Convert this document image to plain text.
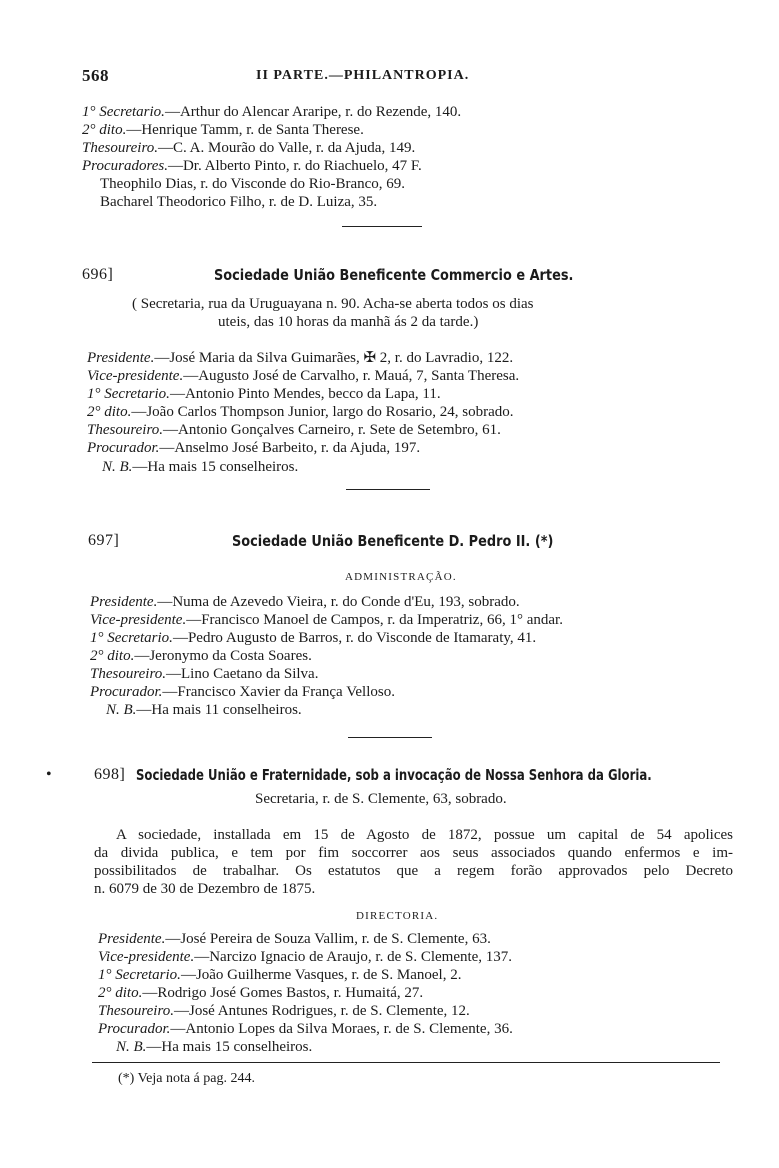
568	II PARTE.—PHILANTROPIA.
1° Secretario.—Arthur do Alencar Araripe, r. do Rezende, 140.
2° dito.—Henrique Tamm, r. de Santa Therese.
Thesoureiro.—C. A. Mourão do Valle, r. da Ajuda, 149.
Procuradores.—Dr. Alberto Pinto, r. do Riachuelo, 47 F.
Theophilo Dias, r. do Visconde do Rio-Branco, 69.
Bacharel Theodorico Filho, r. de D. Luiza, 35.
696]	Sociedade União Beneficente Commercio e Artes.
( Secretaria, rua da Uruguayana n. 90. Acha-se aberta todos os dias
uteis, das 10 horas da manhã ás 2 da tarde.)
Presidente.—José Maria da Silva Guimarães, ✠ 2, r. do Lavradio, 122.
Vice-presidente.—Augusto José de Carvalho, r. Mauá, 7, Santa Theresa.
1° Secretario.—Antonio Pinto Mendes, becco da Lapa, 11.
2° dito.—João Carlos Thompson Junior, largo do Rosario, 24, sobrado.
Thesoureiro.—Antonio Gonçalves Carneiro, r. Sete de Setembro, 61.
Procurador.—Anselmo José Barbeito, r. da Ajuda, 197.
N. B.—Ha mais 15 conselheiros.
697]	Sociedade União Beneficente D. Pedro II. (*)
ADMINISTRAÇÃO.
Presidente.—Numa de Azevedo Vieira, r. do Conde d'Eu, 193, sobrado.
Vice-presidente.—Francisco Manoel de Campos, r. da Imperatriz, 66, 1° andar.
1° Secretario.—Pedro Augusto de Barros, r. do Visconde de Itamaraty, 41.
2° dito.—Jeronymo da Costa Soares.
Thesoureiro.—Lino Caetano da Silva.
Procurador.—Francisco Xavier da França Velloso.
N. B.—Ha mais 11 conselheiros.
•	698] Sociedade União e Fraternidade, sob a invocação de Nossa Senhora da Gloria.
Secretaria, r. de S. Clemente, 63, sobrado.
A sociedade, installada em 15 de Agosto de 1872, possue um capital de 54 apolices
da divida publica, e tem por fim soccorrer aos seus associados quando enfermos e im-
possibilitados de trabalhar. Os estatutos que a regem forão approvados pelo Decreto
n. 6079 de 30 de Dezembro de 1875.
DIRECTORIA.
Presidente.—José Pereira de Souza Vallim, r. de S. Clemente, 63.
Vice-presidente.—Narcizo Ignacio de Araujo, r. de S. Clemente, 137.
1° Secretario.—João Guilherme Vasques, r. de S. Manoel, 2.
2° dito.—Rodrigo José Gomes Bastos, r. Humaitá, 27.
Thesoureiro.—José Antunes Rodrigues, r. de S. Clemente, 12.
Procurador.—Antonio Lopes da Silva Moraes, r. de S. Clemente, 36.
N. B.—Ha mais 15 conselheiros.
(*) Veja nota á pag. 244.
